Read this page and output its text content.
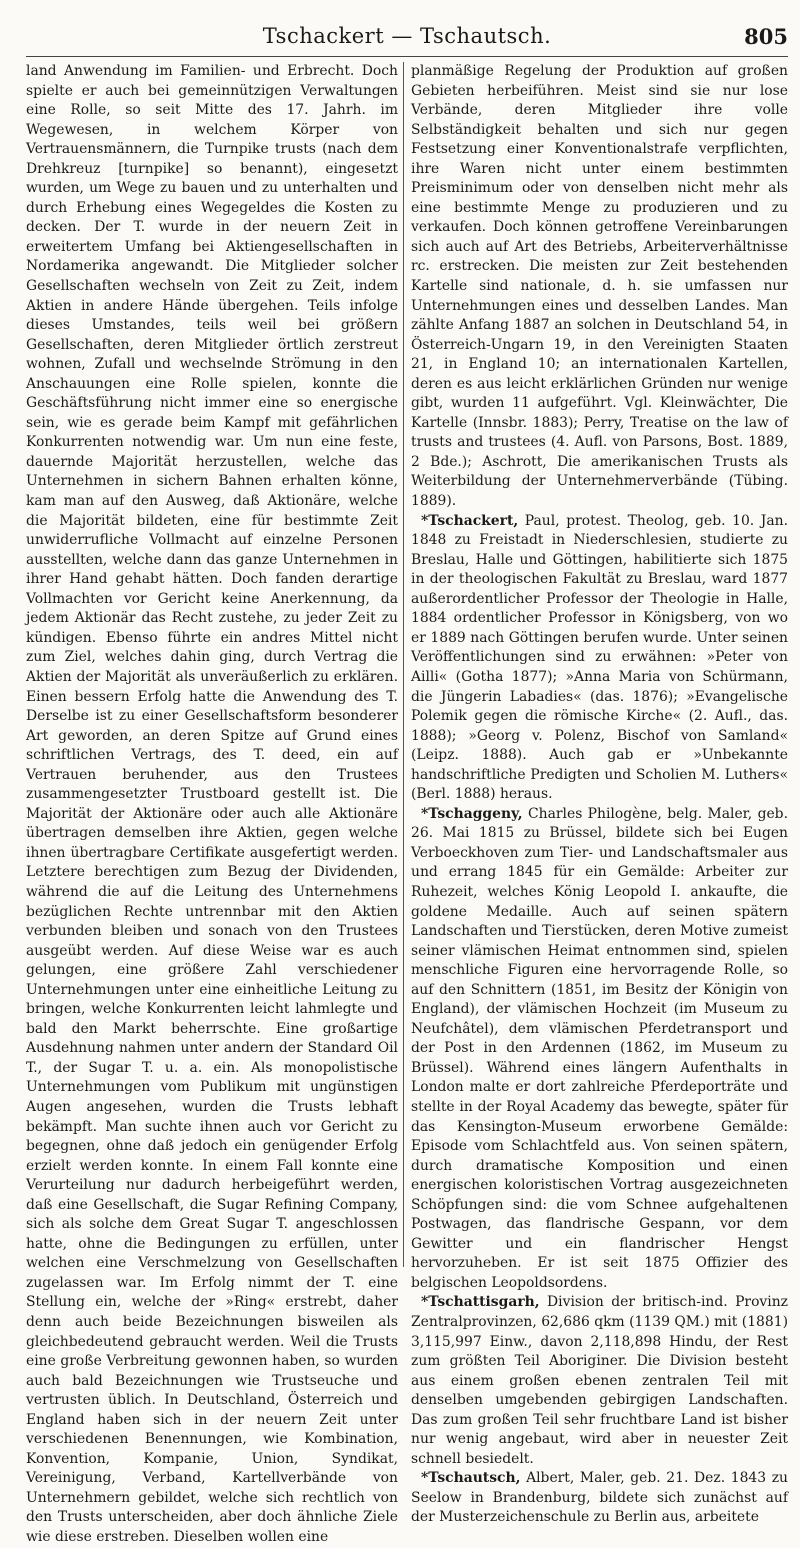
Tschackert — Tschautsch.	805

land Anwendung im Familien- und Erbrecht. Doch spielte er auch bei gemeinnützigen Verwaltungen eine Rolle, so seit Mitte des 17. Jahrh. im Wegewesen, in welchem Körper von Vertrauensmännern, die Turnpike trusts (nach dem Drehkreuz [turnpike] so benannt), eingesetzt wurden, um Wege zu bauen und zu unterhalten und durch Erhebung eines Wegegeldes die Kosten zu decken. Der T. wurde in der neuern Zeit in erweitertem Umfang bei Aktiengesellschaften in Nordamerika angewandt. Die Mitglieder solcher Gesellschaften wechseln von Zeit zu Zeit, indem Aktien in andere Hände übergehen. Teils infolge dieses Umstandes, teils weil bei größern Gesellschaften, deren Mitglieder örtlich zerstreut wohnen, Zufall und wechselnde Strömung in den Anschauungen eine Rolle spielen, konnte die Geschäftsführung nicht immer eine so energische sein, wie es gerade beim Kampf mit gefährlichen Konkurrenten notwendig war. Um nun eine feste, dauernde Majorität herzustellen, welche das Unternehmen in sichern Bahnen erhalten könne, kam man auf den Ausweg, daß Aktionäre, welche die Majorität bildeten, eine für bestimmte Zeit unwiderrufliche Vollmacht auf einzelne Personen ausstellten, welche dann das ganze Unternehmen in ihrer Hand gehabt hätten. Doch fanden derartige Vollmachten vor Gericht keine Anerkennung, da jedem Aktionär das Recht zustehe, zu jeder Zeit zu kündigen. Ebenso führte ein andres Mittel nicht zum Ziel, welches dahin ging, durch Vertrag die Aktien der Majorität als unveräußerlich zu erklären. Einen bessern Erfolg hatte die Anwendung des T. Derselbe ist zu einer Gesellschaftsform besonderer Art geworden, an deren Spitze auf Grund eines schriftlichen Vertrags, des T. deed, ein auf Vertrauen beruhender, aus den Trustees zusammengesetzter Trustboard gestellt ist. Die Majorität der Aktionäre oder auch alle Aktionäre übertragen demselben ihre Aktien, gegen welche ihnen übertragbare Certifikate ausgefertigt werden. Letztere berechtigen zum Bezug der Dividenden, während die auf die Leitung des Unternehmens bezüglichen Rechte untrennbar mit den Aktien verbunden bleiben und sonach von den Trustees ausgeübt werden. Auf diese Weise war es auch gelungen, eine größere Zahl verschiedener Unternehmungen unter eine einheitliche Leitung zu bringen, welche Konkurrenten leicht lahmlegte und bald den Markt beherrschte. Eine großartige Ausdehnung nahmen unter andern der Standard Oil T., der Sugar T. u. a. ein. Als monopolistische Unternehmungen vom Publikum mit ungünstigen Augen angesehen, wurden die Trusts lebhaft bekämpft. Man suchte ihnen auch vor Gericht zu begegnen, ohne daß jedoch ein genügender Erfolg erzielt werden konnte. In einem Fall konnte eine Verurteilung nur dadurch herbeigeführt werden, daß eine Gesellschaft, die Sugar Refining Company, sich als solche dem Great Sugar T. angeschlossen hatte, ohne die Bedingungen zu erfüllen, unter welchen eine Verschmelzung von Gesellschaften zugelassen war. Im Erfolg nimmt der T. eine Stellung ein, welche der »Ring« erstrebt, daher denn auch beide Bezeichnungen bisweilen als gleichbedeutend gebraucht werden. Weil die Trusts eine große Verbreitung gewonnen haben, so wurden auch bald Bezeichnungen wie Trustseuche und vertrusten üblich. In Deutschland, Österreich und England haben sich in der neuern Zeit unter verschiedenen Benennungen, wie Kombination, Konvention, Kompanie, Union, Syndikat, Vereinigung, Verband, Kartellverbände von Unternehmern gebildet, welche sich rechtlich von den Trusts unterscheiden, aber doch ähnliche Ziele wie diese erstreben. Dieselben wollen eine

planmäßige Regelung der Produktion auf großen Gebieten herbeiführen. Meist sind sie nur lose Verbände, deren Mitglieder ihre volle Selbständigkeit behalten und sich nur gegen Festsetzung einer Konventionalstrafe verpflichten, ihre Waren nicht unter einem bestimmten Preisminimum oder von denselben nicht mehr als eine bestimmte Menge zu produzieren und zu verkaufen. Doch können getroffene Vereinbarungen sich auch auf Art des Betriebs, Arbeiterverhältnisse rc. erstrecken. Die meisten zur Zeit bestehenden Kartelle sind nationale, d. h. sie umfassen nur Unternehmungen eines und desselben Landes. Man zählte Anfang 1887 an solchen in Deutschland 54, in Österreich-Ungarn 19, in den Vereinigten Staaten 21, in England 10; an internationalen Kartellen, deren es aus leicht erklärlichen Gründen nur wenige gibt, wurden 11 aufgeführt. Vgl. Kleinwächter, Die Kartelle (Innsbr. 1883); Perry, Treatise on the law of trusts and trustees (4. Aufl. von Parsons, Bost. 1889, 2 Bde.); Aschrott, Die amerikanischen Trusts als Weiterbildung der Unternehmerverbände (Tübing. 1889).

*Tschackert, Paul, protest. Theolog, geb. 10. Jan. 1848 zu Freistadt in Niederschlesien, studierte zu Breslau, Halle und Göttingen, habilitierte sich 1875 in der theologischen Fakultät zu Breslau, ward 1877 außerordentlicher Professor der Theologie in Halle, 1884 ordentlicher Professor in Königsberg, von wo er 1889 nach Göttingen berufen wurde. Unter seinen Veröffentlichungen sind zu erwähnen: »Peter von Ailli« (Gotha 1877); »Anna Maria von Schürmann, die Jüngerin Labadies« (das. 1876); »Evangelische Polemik gegen die römische Kirche« (2. Aufl., das. 1888); »Georg v. Polenz, Bischof von Samland« (Leipz. 1888). Auch gab er »Unbekannte handschriftliche Predigten und Scholien M. Luthers« (Berl. 1888) heraus.

*Tschaggeny, Charles Philogène, belg. Maler, geb. 26. Mai 1815 zu Brüssel, bildete sich bei Eugen Verboeckhoven zum Tier- und Landschaftsmaler aus und errang 1845 für ein Gemälde: Arbeiter zur Ruhezeit, welches König Leopold I. ankaufte, die goldene Medaille. Auch auf seinen spätern Landschaften und Tierstücken, deren Motive zumeist seiner vlämischen Heimat entnommen sind, spielen menschliche Figuren eine hervorragende Rolle, so auf den Schnittern (1851, im Besitz der Königin von England), der vlämischen Hochzeit (im Museum zu Neufchâtel), dem vlämischen Pferdetransport und der Post in den Ardennen (1862, im Museum zu Brüssel). Während eines längern Aufenthalts in London malte er dort zahlreiche Pferdeporträte und stellte in der Royal Academy das bewegte, später für das Kensington-Museum erworbene Gemälde: Episode vom Schlachtfeld aus. Von seinen spätern, durch dramatische Komposition und einen energischen koloristischen Vortrag ausgezeichneten Schöpfungen sind: die vom Schnee aufgehaltenen Postwagen, das flandrische Gespann, vor dem Gewitter und ein flandrischer Hengst hervorzuheben. Er ist seit 1875 Offizier des belgischen Leopoldsordens.

*Tschattisgarh, Division der britisch-ind. Provinz Zentralprovinzen, 62,686 qkm (1139 QM.) mit (1881) 3,115,997 Einw., davon 2,118,898 Hindu, der Rest zum größten Teil Aboriginer. Die Division besteht aus einem großen ebenen zentralen Teil mit denselben umgebenden gebirgigen Landschaften. Das zum großen Teil sehr fruchtbare Land ist bisher nur wenig angebaut, wird aber in neuester Zeit schnell besiedelt.

*Tschautsch, Albert, Maler, geb. 21. Dez. 1843 zu Seelow in Brandenburg, bildete sich zunächst auf der Musterzeichenschule zu Berlin aus, arbeitete
